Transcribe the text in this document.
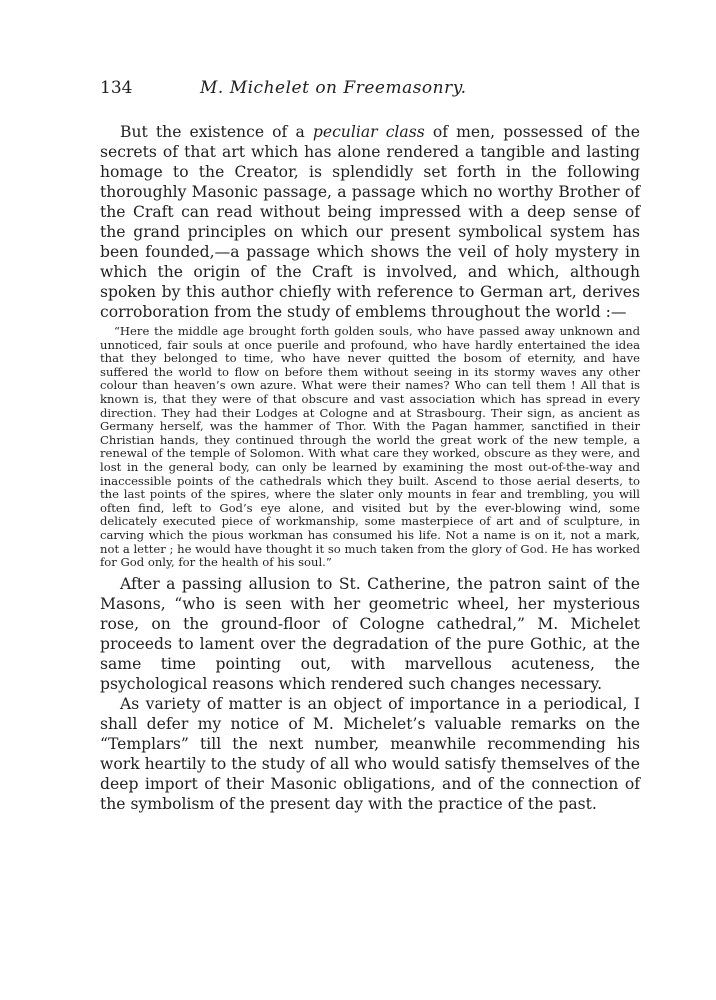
134	M. Michelet on Freemasonry.

But the existence of a peculiar class of men, possessed of the secrets of that art which has alone rendered a tangible and lasting homage to the Creator, is splendidly set forth in the following thoroughly Masonic passage, a passage which no worthy Brother of the Craft can read without being impressed with a deep sense of the grand principles on which our present symbolical system has been founded,—a passage which shows the veil of holy mystery in which the origin of the Craft is involved, and which, although spoken by this author chiefly with reference to German art, derives corroboration from the study of emblems throughout the world :—

“Here the middle age brought forth golden souls, who have passed away unknown and unnoticed, fair souls at once puerile and profound, who have hardly entertained the idea that they belonged to time, who have never quitted the bosom of eternity, and have suffered the world to flow on before them without seeing in its stormy waves any other colour than heaven’s own azure. What were their names? Who can tell them ! All that is known is, that they were of that obscure and vast association which has spread in every direction. They had their Lodges at Cologne and at Strasbourg. Their sign, as ancient as Germany herself, was the hammer of Thor. With the Pagan hammer, sanctified in their Christian hands, they continued through the world the great work of the new temple, a renewal of the temple of Solomon. With what care they worked, obscure as they were, and lost in the general body, can only be learned by examining the most out-of-the-way and inaccessible points of the cathedrals which they built. Ascend to those aerial deserts, to the last points of the spires, where the slater only mounts in fear and trembling, you will often find, left to God’s eye alone, and visited but by the ever-blowing wind, some delicately executed piece of workmanship, some masterpiece of art and of sculpture, in carving which the pious workman has consumed his life. Not a name is on it, not a mark, not a letter ; he would have thought it so much taken from the glory of God. He has worked for God only, for the health of his soul.”

After a passing allusion to St. Catherine, the patron saint of the Masons, “who is seen with her geometric wheel, her mysterious rose, on the ground-floor of Cologne cathedral,” M. Michelet proceeds to lament over the degradation of the pure Gothic, at the same time pointing out, with marvellous acuteness, the psychological reasons which rendered such changes necessary.

As variety of matter is an object of importance in a periodical, I shall defer my notice of M. Michelet’s valuable remarks on the “Templars” till the next number, meanwhile recommending his work heartily to the study of all who would satisfy themselves of the deep import of their Masonic obligations, and of the connection of the symbolism of the present day with the practice of the past.
